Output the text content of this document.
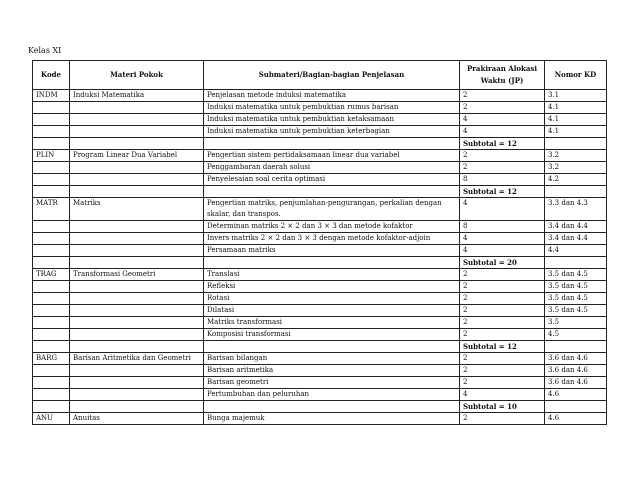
Kelas XI
Kode	Materi Pokok	Submateri/Bagian-bagian Penjelasan	Prakiraan Alokasi Waktu (JP)	Nomor KD
INDM	Induksi Matematika	Penjelasan metode induksi matematika	2	3.1
		Induksi matematika untuk pembuktian rumus barisan	2	4.1
		Induksi matematika untuk pembuktian ketaksamaan	4	4.1
		Induksi matematika untuk pembuktian keterbagian	4	4.1
			Subtotal = 12	
PLIN	Program Linear Dua Variabel	Pengertian sistem pertidaksamaan linear dua variabel	2	3.2
		Penggambaran daerah solusi	2	3.2
		Penyelesaian soal cerita optimasi	8	4.2
			Subtotal = 12	
MATR	Matriks	Pengertian matriks, penjumlahan-pengurangan, perkalian dengan skalar, dan transpos.	4	3.3 dan 4.3
		Determinan matriks 2 × 2 dan 3 × 3 dan metode kofaktor	8	3.4 dan 4.4
		Invers matriks 2 × 2 dan 3 × 3 dengan metode kofaktor-adjoin	4	3.4 dan 4.4
		Persamaan matriks	4	4.4
			Subtotal = 20	
TRAG	Transformasi Geometri	Translasi	2	3.5 dan 4.5
		Refleksi	2	3.5 dan 4.5
		Rotasi	2	3.5 dan 4.5
		Dilatasi	2	3.5 dan 4.5
		Matriks transformasi	2	3.5
		Komposisi transformasi	2	4.5
			Subtotal = 12	
BARG	Barisan Aritmetika dan Geometri	Barisan bilangan	2	3.6 dan 4.6
		Barisan aritmetika	2	3.6 dan 4.6
		Barisan geometri	2	3.6 dan 4.6
		Pertumbuhan dan peluruhan	4	4.6
			Subtotal = 10	
ANU	Anuitas	Bunga majemuk	2	4.6
